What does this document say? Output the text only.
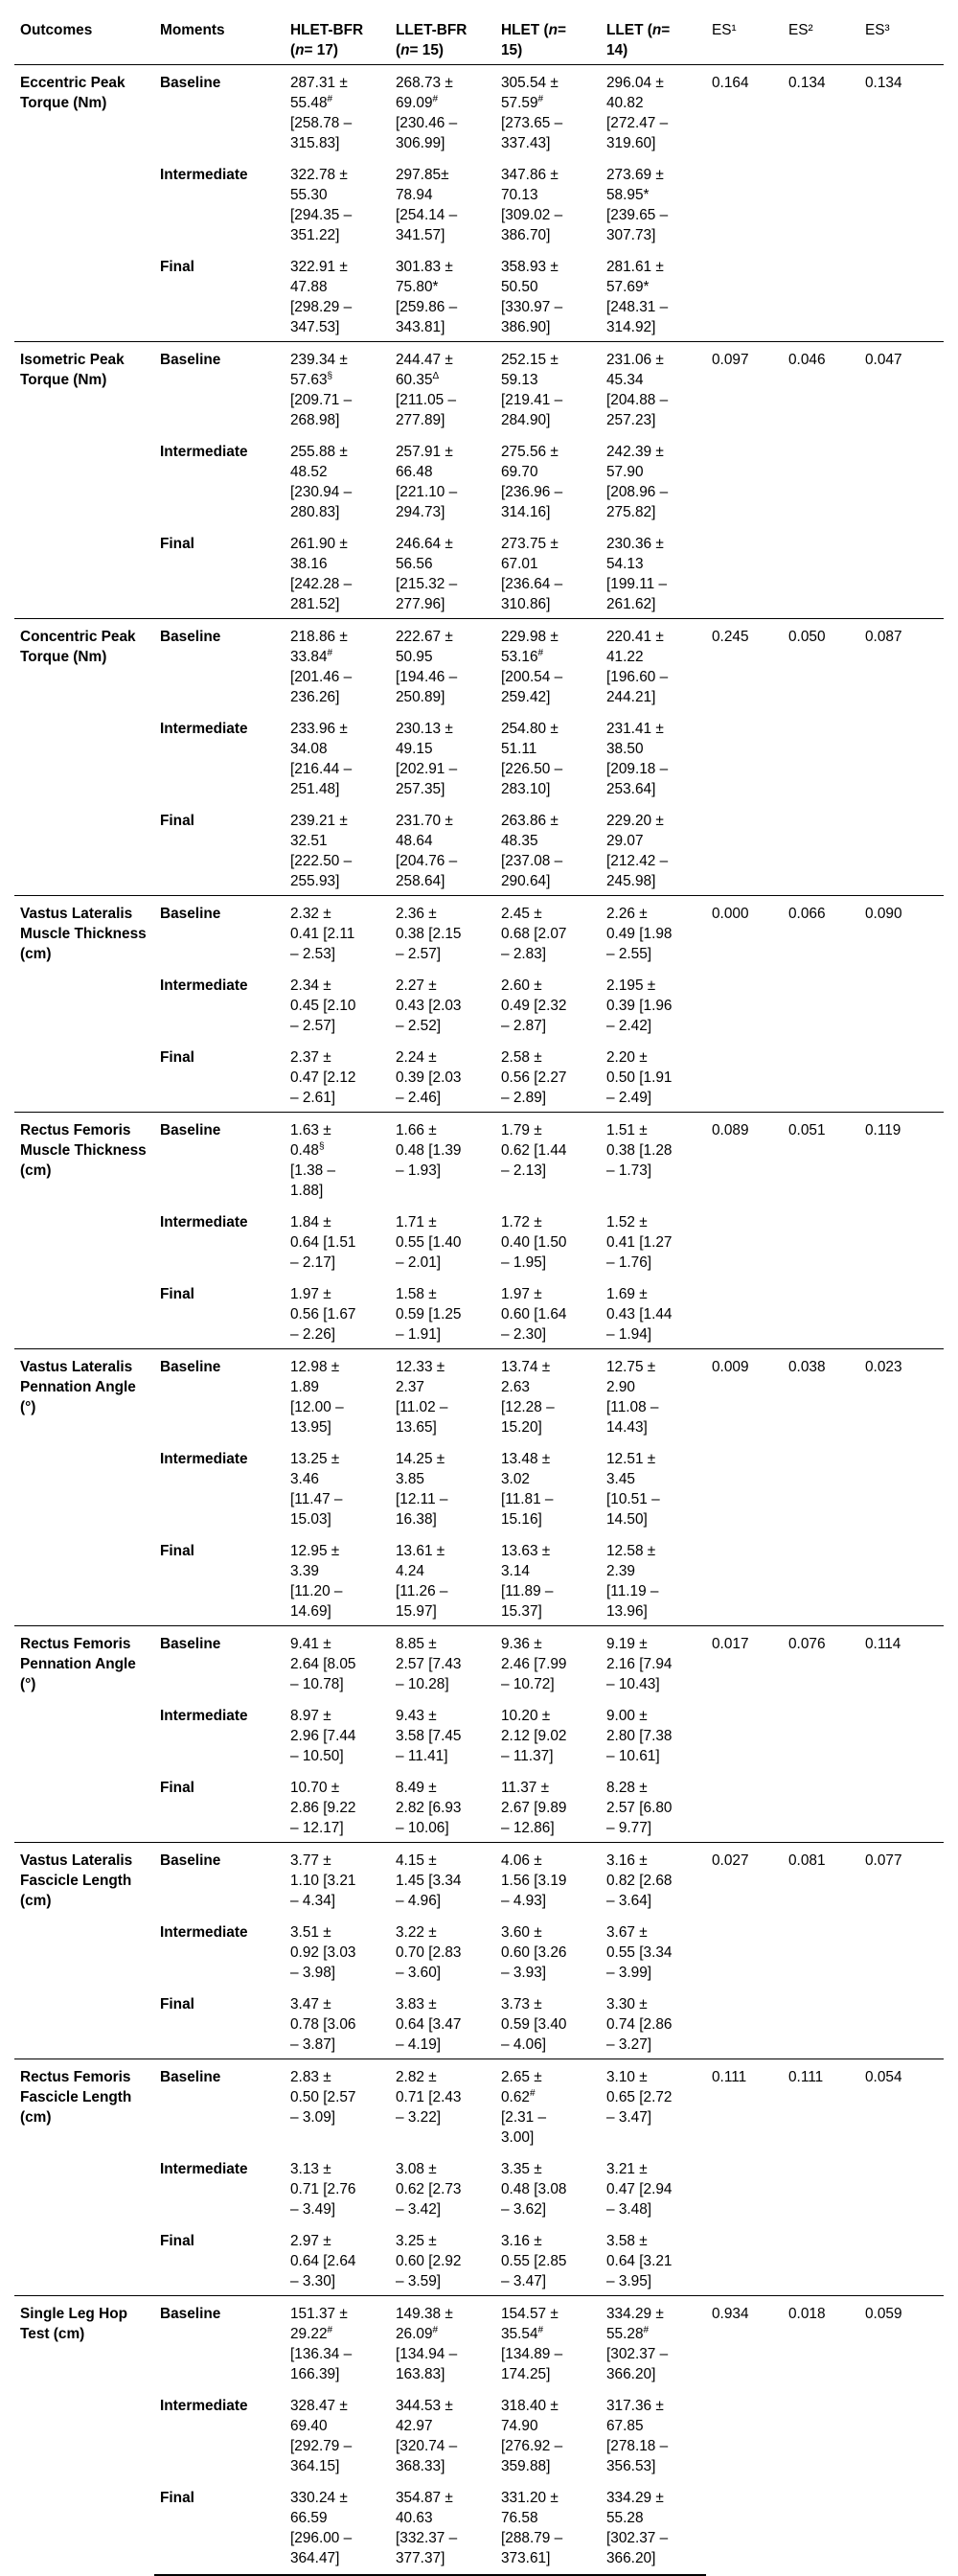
Outcomes	Moments	HLET-BFR
(n= 17)	LLET-BFR
(n= 15)	HLET (n=
15)	LLET (n=
14)	ES¹	ES²	ES³
Eccentric Peak Torque (Nm)	Baseline	287.31 ±
55.48#
[258.78 –
315.83]	268.73 ±
69.09#
[230.46 –
306.99]	305.54 ±
57.59#
[273.65 –
337.43]	296.04 ±
40.82
[272.47 –
319.60]	0.164	0.134	0.134
	Intermediate	322.78 ±
55.30
[294.35 –
351.22]	297.85±
78.94
[254.14 –
341.57]	347.86 ±
70.13
[309.02 –
386.70]	273.69 ±
58.95*
[239.65 –
307.73]			
	Final	322.91 ±
47.88
[298.29 –
347.53]	301.83 ±
75.80*
[259.86 –
343.81]	358.93 ±
50.50
[330.97 –
386.90]	281.61 ±
57.69*
[248.31 –
314.92]			
Isometric Peak Torque (Nm)	Baseline	239.34 ±
57.63§
[209.71 –
268.98]	244.47 ±
$60.35^\Delta$
[211.05 –
277.89]	252.15 ±
59.13
[219.41 –
284.90]	231.06 ±
45.34
[204.88 –
257.23]	0.097	0.046	0.047
	Intermediate	255.88 ±
48.52
[230.94 –
280.83]	257.91 ±
66.48
[221.10 –
294.73]	275.56 ±
69.70
[236.96 –
314.16]	242.39 ±
57.90
[208.96 –
275.82]			
	Final	261.90 ±
38.16
[242.28 –
281.52]	246.64 ±
56.56
[215.32 –
277.96]	273.75 ±
67.01
[236.64 –
310.86]	230.36 ±
54.13
[199.11 –
261.62]			
Concentric Peak Torque (Nm)	Baseline	218.86 ±
33.84#
[201.46 –
236.26]	222.67 ±
50.95
[194.46 –
250.89]	229.98 ±
53.16#
[200.54 –
259.42]	220.41 ±
41.22
[196.60 –
244.21]	0.245	0.050	0.087
	Intermediate	233.96 ±
34.08
[216.44 –
251.48]	230.13 ±
49.15
[202.91 –
257.35]	254.80 ±
51.11
[226.50 –
283.10]	231.41 ±
38.50
[209.18 –
253.64]			
	Final	239.21 ±
32.51
[222.50 –
255.93]	231.70 ±
48.64
[204.76 –
258.64]	263.86 ±
48.35
[237.08 –
290.64]	229.20 ±
29.07
[212.42 –
245.98]			
Vastus Lateralis Muscle Thickness (cm)	Baseline	2.32 ±
0.41 [2.11
– 2.53]	2.36 ±
0.38 [2.15
– 2.57]	2.45 ±
0.68 [2.07
– 2.83]	2.26 ±
0.49 [1.98
– 2.55]	0.000	0.066	0.090
	Intermediate	2.34 ±
0.45 [2.10
– 2.57]	2.27 ±
0.43 [2.03
– 2.52]	2.60 ±
0.49 [2.32
– 2.87]	2.195 ±
0.39 [1.96
– 2.42]			
	Final	2.37 ±
0.47 [2.12
– 2.61]	2.24 ±
0.39 [2.03
– 2.46]	2.58 ±
0.56 [2.27
– 2.89]	2.20 ±
0.50 [1.91
– 2.49]			
Rectus Femoris Muscle Thickness (cm)	Baseline	1.63 ±
0.48§
[1.38 –
1.88]	1.66 ±
0.48 [1.39
– 1.93]	1.79 ±
0.62 [1.44
– 2.13]	1.51 ±
0.38 [1.28
– 1.73]	0.089	0.051	0.119
	Intermediate	1.84 ±
0.64 [1.51
– 2.17]	1.71 ±
0.55 [1.40
– 2.01]	1.72 ±
0.40 [1.50
– 1.95]	1.52 ±
0.41 [1.27
– 1.76]			
	Final	1.97 ±
0.56 [1.67
– 2.26]	1.58 ±
0.59 [1.25
– 1.91]	1.97 ±
0.60 [1.64
– 2.30]	1.69 ±
0.43 [1.44
– 1.94]			
Vastus Lateralis Pennation Angle (°)	Baseline	12.98 ±
1.89
[12.00 –
13.95]	12.33 ±
2.37
[11.02 –
13.65]	13.74 ±
2.63
[12.28 –
15.20]	12.75 ±
2.90
[11.08 –
14.43]	0.009	0.038	0.023
	Intermediate	13.25 ±
3.46
[11.47 –
15.03]	14.25 ±
3.85
[12.11 –
16.38]	13.48 ±
3.02
[11.81 –
15.16]	12.51 ±
3.45
[10.51 –
14.50]			
	Final	12.95 ±
3.39
[11.20 –
14.69]	13.61 ±
4.24
[11.26 –
15.97]	13.63 ±
3.14
[11.89 –
15.37]	12.58 ±
2.39
[11.19 –
13.96]			
Rectus Femoris Pennation Angle (°)	Baseline	9.41 ±
2.64 [8.05
– 10.78]	8.85 ±
2.57 [7.43
– 10.28]	9.36 ±
2.46 [7.99
– 10.72]	9.19 ±
2.16 [7.94
– 10.43]	0.017	0.076	0.114
	Intermediate	8.97 ±
2.96 [7.44
– 10.50]	9.43 ±
3.58 [7.45
– 11.41]	10.20 ±
2.12 [9.02
– 11.37]	9.00 ±
2.80 [7.38
– 10.61]			
	Final	10.70 ±
2.86 [9.22
– 12.17]	8.49 ±
2.82 [6.93
– 10.06]	11.37 ±
2.67 [9.89
– 12.86]	8.28 ±
2.57 [6.80
– 9.77]			
Vastus Lateralis Fascicle Length (cm)	Baseline	3.77 ±
1.10 [3.21
– 4.34]	4.15 ±
1.45 [3.34
– 4.96]	4.06 ±
1.56 [3.19
– 4.93]	3.16 ±
0.82 [2.68
– 3.64]	0.027	0.081	0.077
	Intermediate	3.51 ±
0.92 [3.03
– 3.98]	3.22 ±
0.70 [2.83
– 3.60]	3.60 ±
0.60 [3.26
– 3.93]	3.67 ±
0.55 [3.34
– 3.99]			
	Final	3.47 ±
0.78 [3.06
– 3.87]	3.83 ±
0.64 [3.47
– 4.19]	3.73 ±
0.59 [3.40
– 4.06]	3.30 ±
0.74 [2.86
– 3.27]			
Rectus Femoris Fascicle Length (cm)	Baseline	2.83 ±
0.50 [2.57
– 3.09]	2.82 ±
0.71 [2.43
– 3.22]	2.65 ±
0.62#
[2.31 –
3.00]	3.10 ±
0.65 [2.72
– 3.47]	0.111	0.111	0.054
	Intermediate	3.13 ±
0.71 [2.76
– 3.49]	3.08 ±
0.62 [2.73
– 3.42]	3.35 ±
0.48 [3.08
– 3.62]	3.21 ±
0.47 [2.94
– 3.48]			
	Final	2.97 ±
0.64 [2.64
– 3.30]	3.25 ±
0.60 [2.92
– 3.59]	3.16 ±
0.55 [2.85
– 3.47]	3.58 ±
0.64 [3.21
– 3.95]			
Single Leg Hop Test (cm)	Baseline	151.37 ±
29.22#
[136.34 –
166.39]	149.38 ±
26.09#
[134.94 –
163.83]	154.57 ±
35.54#
[134.89 –
174.25]	334.29 ±
55.28#
[302.37 –
366.20]	0.934	0.018	0.059
	Intermediate	328.47 ±
69.40
[292.79 –
364.15]	344.53 ±
42.97
[320.74 –
368.33]	318.40 ±
74.90
[276.92 –
359.88]	317.36 ±
67.85
[278.18 –
356.53]			
	Final	330.24 ±
66.59
[296.00 –
364.47]	354.87 ±
40.63
[332.37 –
377.37]	331.20 ±
76.58
[288.79 –
373.61]	334.29 ±
55.28
[302.37 –
366.20]			
